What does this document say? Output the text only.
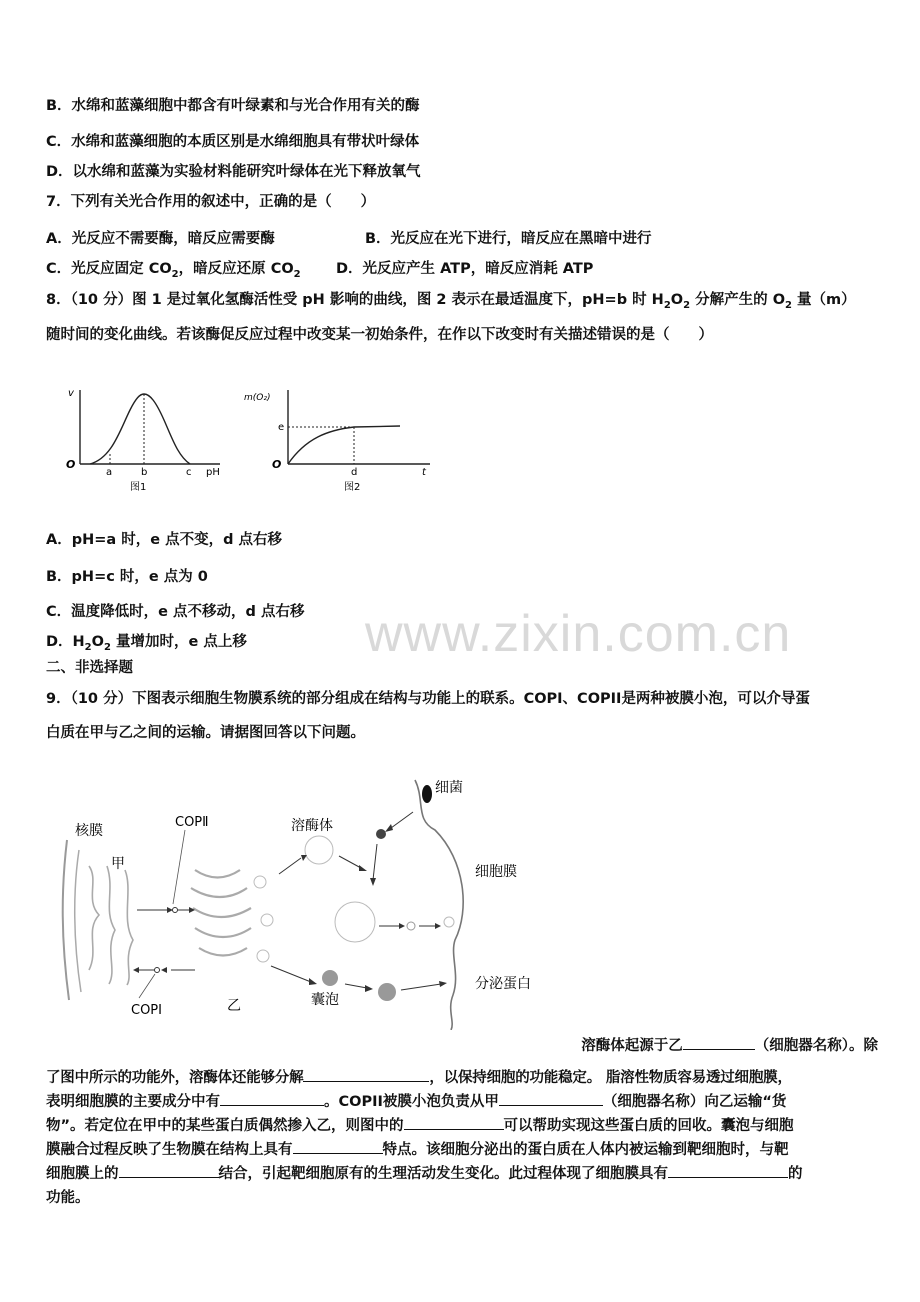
B．水绵和蓝藻细胞中都含有叶绿素和与光合作用有关的酶
C．水绵和蓝藻细胞的本质区别是水绵细胞具有带状叶绿体
D．以水绵和蓝藻为实验材料能研究叶绿体在光下释放氧气
7．下列有关光合作用的叙述中，正确的是（　　）
A．光反应不需要酶，暗反应需要酶	B．光反应在光下进行，暗反应在黑暗中进行
C．光反应固定 $CO_2$，暗反应还原 $CO_2$ D．光反应产生 ATP，暗反应消耗 ATP
8．（10 分）图 1 是过氧化氢酶活性受 pH 影响的曲线，图 2 表示在最适温度下，pH=b 时 $H_2O_2$ 分解产生的 $O_2$ 量（m）
随时间的变化曲线。若该酶促反应过程中改变某一初始条件，在作以下改变时有关描述错误的是（　　）
v
O
a	b	c pH
图1
m(O₂)
e
O
d	t
图2
A．pH=a 时，e 点不变，d 点右移
B．pH=c 时，e 点为 0
C．温度降低时，e 点不移动，d 点右移
D．$H_2O_2$ 量增加时，e 点上移 www.zixin.com.cn
二、非选择题
9．（10 分）下图表示细胞生物膜系统的部分组成在结构与功能上的联系。COPI、COPII是两种被膜小泡，可以介导蛋
白质在甲与乙之间的运输。请据图回答以下问题。
核膜
甲
COPⅡ
COPⅠ	乙
溶酶体
细菌
细胞膜
囊泡
分泌蛋白
溶酶体起源于乙	（细胞器名称）。除
了图中所示的功能外，溶酶体还能够分解	，以保持细胞的功能稳定。 脂溶性物质容易透过细胞膜，
表明细胞膜的主要成分中有	。COPII被膜小泡负责从甲	（细胞器名称）向乙运输“货
物”。若定位在甲中的某些蛋白质偶然掺入乙，则图中的	可以帮助实现这些蛋白质的回收。囊泡与细胞
膜融合过程反映了生物膜在结构上具有	特点。该细胞分泌出的蛋白质在人体内被运输到靶细胞时，与靶
细胞膜上的	结合，引起靶细胞原有的生理活动发生变化。此过程体现了细胞膜具有	的
功能。
